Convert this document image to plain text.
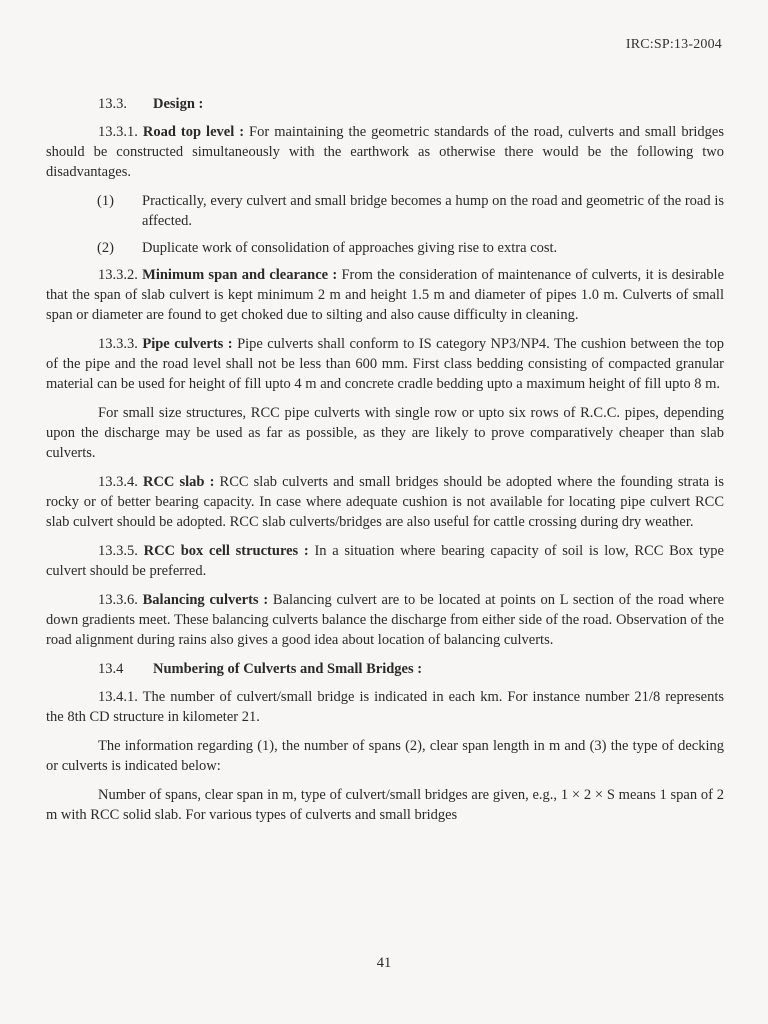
IRC:SP:13-2004
13.3. Design :

13.3.1. Road top level : For maintaining the geometric standards of the road, culverts and small bridges should be constructed simultaneously with the earthwork as otherwise there would be the following two disadvantages.

(1)	Practically, every culvert and small bridge becomes a hump on the road and geometric of the road is affected.
(2)	Duplicate work of consolidation of approaches giving rise to extra cost.

13.3.2. Minimum span and clearance : From the consideration of maintenance of culverts, it is desirable that the span of slab culvert is kept minimum 2 m and height 1.5 m and diameter of pipes 1.0 m. Culverts of small span or diameter are found to get choked due to silting and also cause difficulty in cleaning.

13.3.3. Pipe culverts : Pipe culverts shall conform to IS category NP3/NP4. The cushion between the top of the pipe and the road level shall not be less than 600 mm. First class bedding consisting of compacted granular material can be used for height of fill upto 4 m and concrete cradle bedding upto a maximum height of fill upto 8 m.

For small size structures, RCC pipe culverts with single row or upto six rows of R.C.C. pipes, depending upon the discharge may be used as far as possible, as they are likely to prove comparatively cheaper than slab culverts.

13.3.4. RCC slab : RCC slab culverts and small bridges should be adopted where the founding strata is rocky or of better bearing capacity. In case where adequate cushion is not available for locating pipe culvert RCC slab culvert should be adopted. RCC slab culverts/bridges are also useful for cattle crossing during dry weather.

13.3.5. RCC box cell structures : In a situation where bearing capacity of soil is low, RCC Box type culvert should be preferred.

13.3.6. Balancing culverts : Balancing culvert are to be located at points on L section of the road where down gradients meet. These balancing culverts balance the discharge from either side of the road. Observation of the road alignment during rains also gives a good idea about location of balancing culverts.

13.4 Numbering of Culverts and Small Bridges :

13.4.1. The number of culvert/small bridge is indicated in each km. For instance number 21/8 represents the 8th CD structure in kilometer 21.

The information regarding (1), the number of spans (2), clear span length in m and (3) the type of decking or culverts is indicated below:

Number of spans, clear span in m, type of culvert/small bridges are given, e.g., 1 × 2 × S means 1 span of 2 m with RCC solid slab. For various types of culverts and small bridges

41
